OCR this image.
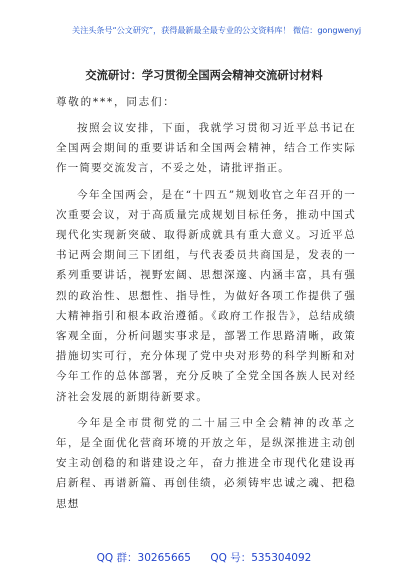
关注头条号“公文研究”，获得最新最全最专业的公文资料库！ 微信：gongwenyj
交流研讨：学习贯彻全国两会精神交流研讨材料
尊敬的***，同志们：

按照会议安排，下面，我就学习贯彻习近平总书记在全国两会期间的重要讲话和全国两会精神，结合工作实际作一简要交流发言，不妥之处，请批评指正。

今年全国两会，是在“十四五”规划收官之年召开的一次重要会议，对于高质量完成规划目标任务，推动中国式现代化实现新突破、取得新成就具有重大意义。习近平总书记两会期间三下团组，与代表委员共商国是，发表的一系列重要讲话，视野宏阔、思想深邃、内涵丰富，具有强烈的政治性、思想性、指导性，为做好各项工作提供了强大精神指引和根本政治遵循。《政府工作报告》，总结成绩客观全面，分析问题实事求是，部署工作思路清晰，政策措施切实可行，充分体现了党中央对形势的科学判断和对今年工作的总体部署，充分反映了全党全国各族人民对经济社会发展的新期待新要求。

今年是全市贯彻党的二十届三中全会精神的改革之年，是全面优化营商环境的开放之年，是纵深推进主动创安主动创稳的和谐建设之年，奋力推进全市现代化建设再启新程、再谱新篇、再创佳绩，必须铸牢忠诚之魂、把稳思想

QQ 群：30265665 QQ 号：535304092
